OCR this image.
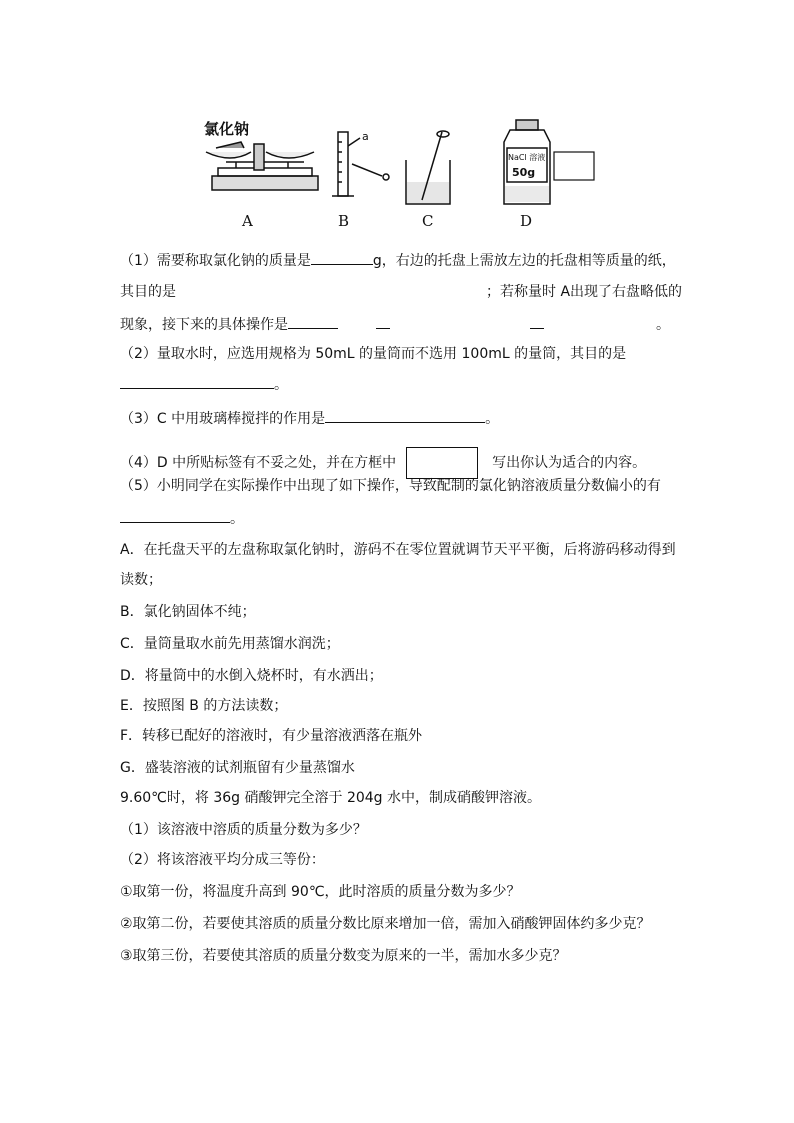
氯化钠	a
NaCl 溶液
50g
A	B	C	D
（1）需要称取氯化钠的质量是	g，右边的托盘上需放左边的托盘相等质量的纸，
其目的是	；若称量时 A出现了右盘略低的
现象，接下来的具体操作是	。
（2）量取水时，应选用规格为 50mL 的量筒而不选用 100mL 的量筒，其目的是
。
（3）C 中用玻璃棒搅拌的作用是	。
（4）D 中所贴标签有不妥之处，并在方框中	写出你认为适合的内容。
（5）小明同学在实际操作中出现了如下操作，导致配制的氯化钠溶液质量分数偏小的有
。
A．在托盘天平的左盘称取氯化钠时，游码不在零位置就调节天平平衡，后将游码移动得到
读数；
B．氯化钠固体不纯；
C．量筒量取水前先用蒸馏水润洗；
D．将量筒中的水倒入烧杯时，有水洒出；
E．按照图 B 的方法读数；
F．转移已配好的溶液时，有少量溶液洒落在瓶外
G．盛装溶液的试剂瓶留有少量蒸馏水
9.60℃时，将 36g 硝酸钾完全溶于 204g 水中，制成硝酸钾溶液。
（1）该溶液中溶质的质量分数为多少？
（2）将该溶液平均分成三等份：
①取第一份，将温度升高到 90℃，此时溶质的质量分数为多少？
②取第二份，若要使其溶质的质量分数比原来增加一倍，需加入硝酸钾固体约多少克？
③取第三份，若要使其溶质的质量分数变为原来的一半，需加水多少克？
